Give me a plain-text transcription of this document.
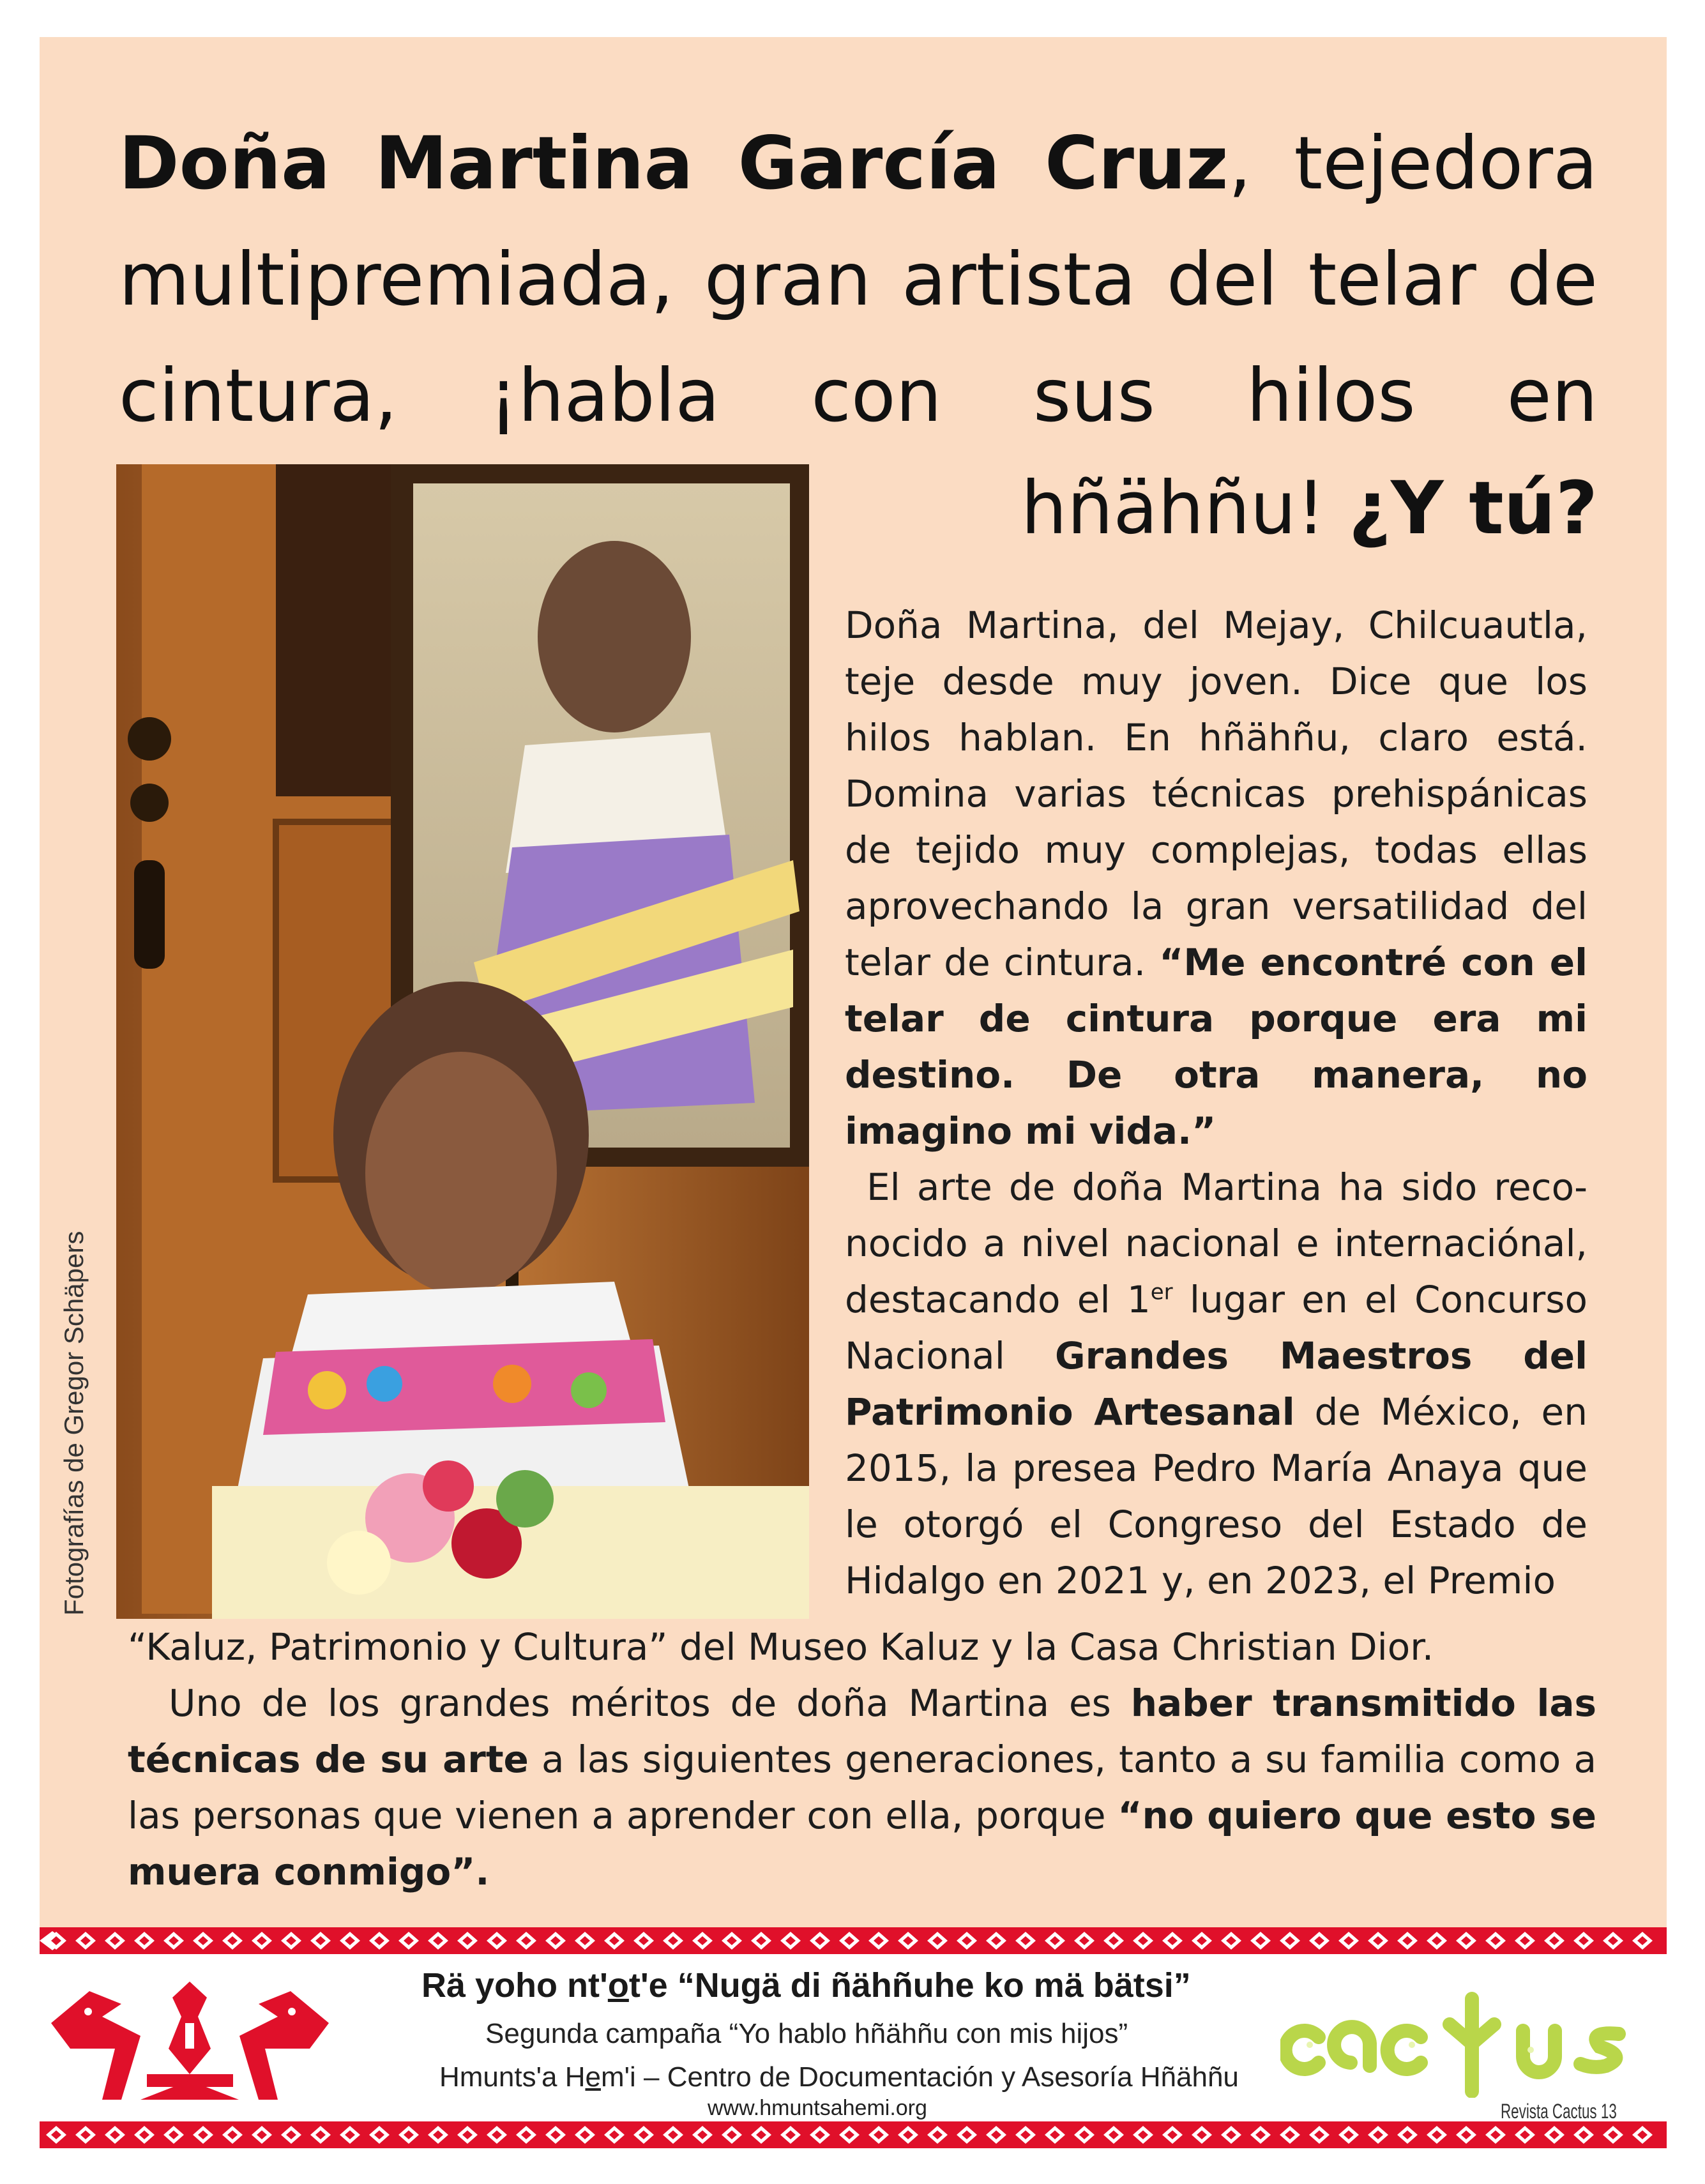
Doña Martina García Cruz, tejedora multipremiada, gran artista del telar de cintura, ¡habla con sus hilos en
hñähñu! ¿Y tú?
Fotografías de Gregor Schäpers

Doña Martina, del Mejay, Chilcuautla, teje desde muy joven. Dice que los hilos hablan. En hñähñu, claro está. Domina varias técnicas prehispánicas de tejido muy complejas, todas ellas aprovechando la gran versatilidad del telar de cintura. “Me encontré con el telar de cintura porque era mi destino. De otra manera, no imagino mi vida.”

El arte de doña Martina ha sido reconocido a nivel nacional e internaciónal, destacando el 1er lugar en el Concurso Nacional Grandes Maestros del Patrimonio Artesanal de México, en 2015, la presea Pedro María Anaya que le otorgó el Congreso del Estado de Hidalgo en 2021 y, en 2023, el Premio

“Kaluz, Patrimonio y Cultura” del Museo Kaluz y la Casa Christian Dior.

Uno de los grandes méritos de doña Martina es haber transmitido las técnicas de su arte a las siguientes generaciones, tanto a su familia como a las personas que vienen a aprender con ella, porque “no quiero que esto se muera conmigo”.

Rä yoho nt'ot'e “Nugä di ñähñuhe ko mä bätsi”
Segunda campaña “Yo hablo hñähñu con mis hijos”
Hmunts'a Hem'i – Centro de Documentación y Asesoría Hñähñu
www.hmuntsahemi.org	Revista Cactus 13
